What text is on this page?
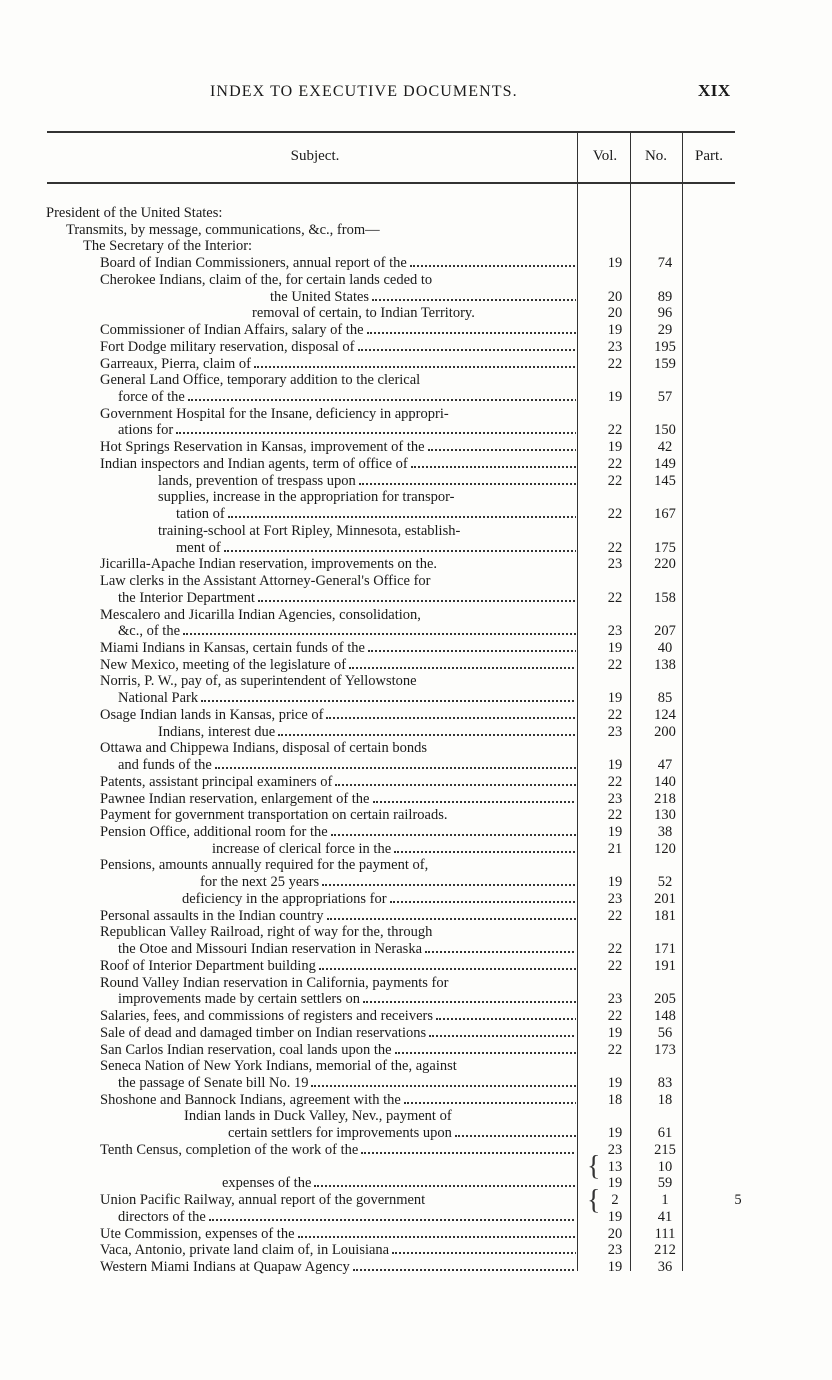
INDEX TO EXECUTIVE DOCUMENTS.	XIX
Subject.	Vol.	No.	Part.
President of the United States:
Transmits, by message, communications, &c., from—
The Secretary of the Interior:
Board of Indian Commissioners, annual report of the	19	74
Cherokee Indians, claim of the, for certain lands ceded to
the United States	20	89
removal of certain, to Indian Territory.	20	96
Commissioner of Indian Affairs, salary of the	19	29
Fort Dodge military reservation, disposal of	23	195
Garreaux, Pierra, claim of	22	159
General Land Office, temporary addition to the clerical
force of the	19	57
Government Hospital for the Insane, deficiency in appropri-
ations for	22	150
Hot Springs Reservation in Kansas, improvement of the	19	42
Indian inspectors and Indian agents, term of office of	22	149
lands, prevention of trespass upon	22	145
supplies, increase in the appropriation for transpor-
tation of	22	167
training-school at Fort Ripley, Minnesota, establish-
ment of	22	175
Jicarilla-Apache Indian reservation, improvements on the.	23	220
Law clerks in the Assistant Attorney-General's Office for
the Interior Department	22	158
Mescalero and Jicarilla Indian Agencies, consolidation,
&c., of the	23	207
Miami Indians in Kansas, certain funds of the	19	40
New Mexico, meeting of the legislature of	22	138
Norris, P. W., pay of, as superintendent of Yellowstone
National Park	19	85
Osage Indian lands in Kansas, price of	22	124
Indians, interest due	23	200
Ottawa and Chippewa Indians, disposal of certain bonds
and funds of the	19	47
Patents, assistant principal examiners of	22	140
Pawnee Indian reservation, enlargement of the	23	218
Payment for government transportation on certain railroads.	22	130
Pension Office, additional room for the	19	38
increase of clerical force in the	21	120
Pensions, amounts annually required for the payment of,
for the next 25 years	19	52
deficiency in the appropriations for	23	201
Personal assaults in the Indian country	22	181
Republican Valley Railroad, right of way for the, through
the Otoe and Missouri Indian reservation in Neraska	22	171
Roof of Interior Department building	22	191
Round Valley Indian reservation in California, payments for
improvements made by certain settlers on	23	205
Salaries, fees, and commissions of registers and receivers	22	148
Sale of dead and damaged timber on Indian reservations	19	56
San Carlos Indian reservation, coal lands upon the	22	173
Seneca Nation of New York Indians, memorial of the, against
the passage of Senate bill No. 19	19	83
Shoshone and Bannock Indians, agreement with the	18	18
Indian lands in Duck Valley, Nev., payment of
certain settlers for improvements upon	19	61
Tenth Census, completion of the work of the	23	215
13	10
expenses of the	19	59
Union Pacific Railway, annual report of the government	2	1	5
directors of the	19	41
Ute Commission, expenses of the	20	111
Vaca, Antonio, private land claim of, in Louisiana	23	212
Western Miami Indians at Quapaw Agency	19	36
{
{
